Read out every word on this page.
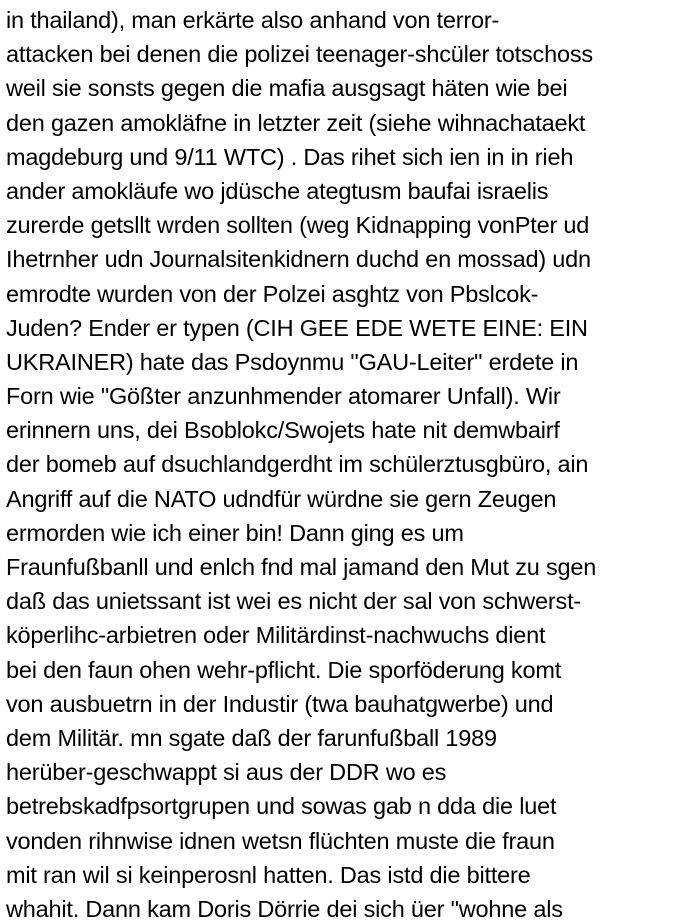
in thailand), man erkärte also anhand von terror-
attacken bei denen die polizei teenager-shcüler totschoss
weil sie sonsts gegen die mafia ausgsagt häten wie bei
den gazen amokläfne in letzter zeit (siehe wihnachataekt
magdeburg und 9/11 WTC) . Das rihet sich ien in in rieh
ander amokläufe wo jdüsche ategtusm baufai israelis
zurerde getsllt wrden sollten (weg Kidnapping vonPter ud
Ihetrnher udn Journalsitenkidnern duchd en mossad) udn
emrodte wurden von der Polzei asghtz von Pbslcok-
Juden? Ender er typen (CIH GEE EDE WETE EINE: EIN
UKRAINER) hate das Psdoynmu "GAU-Leiter" erdete in
Forn wie "Gößter anzunhmender atomarer Unfall). Wir
erinnern uns, dei Bsoblokc/Swojets hate nit demwbairf
der bomeb auf dsuchlandgerdht im schülerztusgbüro, ain
Angriff auf die NATO udndfür würdne sie gern Zeugen
ermorden wie ich einer bin! Dann ging es um
Fraunfußbanll und enlch fnd mal jamand den Mut zu sgen
daß das unietssant ist wei es nicht der sal von schwerst-
köperlihc-arbietren oder Militärdinst-nachwuchs dient
bei den faun ohen wehr-pflicht. Die sporföderung komt
von ausbuetrn in der Industir (twa bauhatgwerbe) und
dem Militär. mn sgate daß der farunfußball 1989
herüber-geschwappt si aus der DDR wo es
betrebskadfpsortgrupen und sowas gab n dda die luet
vonden rihnwise idnen wetsn flüchten muste die fraun
mit ran wil si keinperosnl hatten. Das istd die bittere
whahit. Dann kam Doris Dörrie dei sich üer "wohne als
